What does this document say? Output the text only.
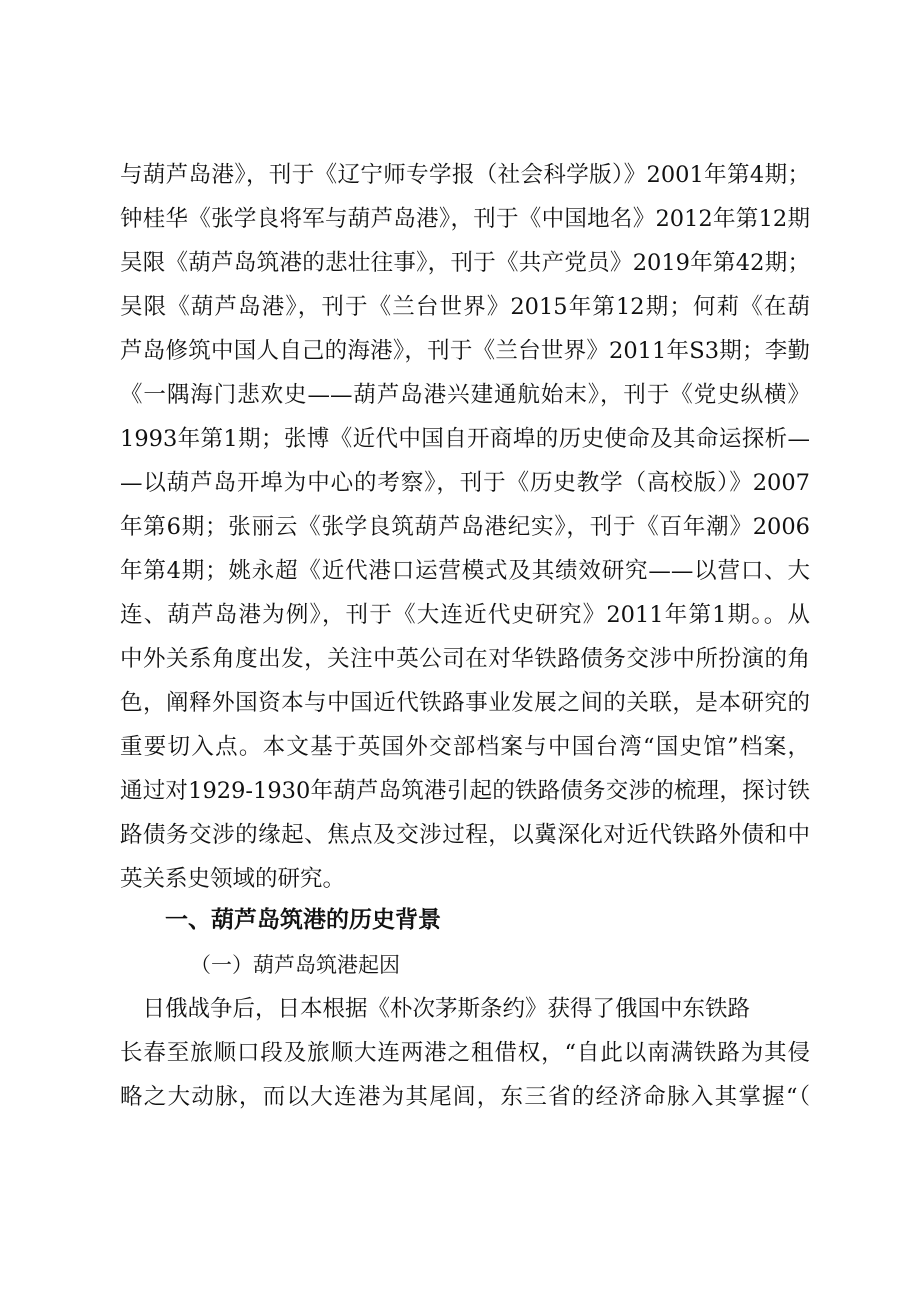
与葫芦岛港》，刊于《辽宁师专学报（社会科学版）》2001年第4期；
钟桂华《张学良将军与葫芦岛港》，刊于《中国地名》2012年第12期
吴限《葫芦岛筑港的悲壮往事》，刊于《共产党员》2019年第42期；
吴限《葫芦岛港》，刊于《兰台世界》2015年第12期；何莉《在葫
芦岛修筑中国人自己的海港》，刊于《兰台世界》2011年S3期；李勤
《一隅海门悲欢史——葫芦岛港兴建通航始末》，刊于《党史纵横》
1993年第1期；张博《近代中国自开商埠的历史使命及其命运探析—
—以葫芦岛开埠为中心的考察》，刊于《历史教学（高校版）》2007
年第6期；张丽云《张学良筑葫芦岛港纪实》，刊于《百年潮》2006
年第4期；姚永超《近代港口运营模式及其绩效研究——以营口、大
连、葫芦岛港为例》，刊于《大连近代史研究》2011年第1期。。从
中外关系角度出发，关注中英公司在对华铁路债务交涉中所扮演的角
色，阐释外国资本与中国近代铁路事业发展之间的关联，是本研究的
重要切入点。本文基于英国外交部档案与中国台湾“国史馆”档案，
通过对1929-1930年葫芦岛筑港引起的铁路债务交涉的梳理，探讨铁
路债务交涉的缘起、焦点及交涉过程，以冀深化对近代铁路外债和中
英关系史领域的研究。
一、葫芦岛筑港的历史背景
（一）葫芦岛筑港起因
　日俄战争后，日本根据《朴次茅斯条约》获得了俄国中东铁路
长春至旅顺口段及旅顺大连两港之租借权，“自此以南满铁路为其侵
略之大动脉，而以大连港为其尾闾，东三省的经济命脉入其掌握“（
